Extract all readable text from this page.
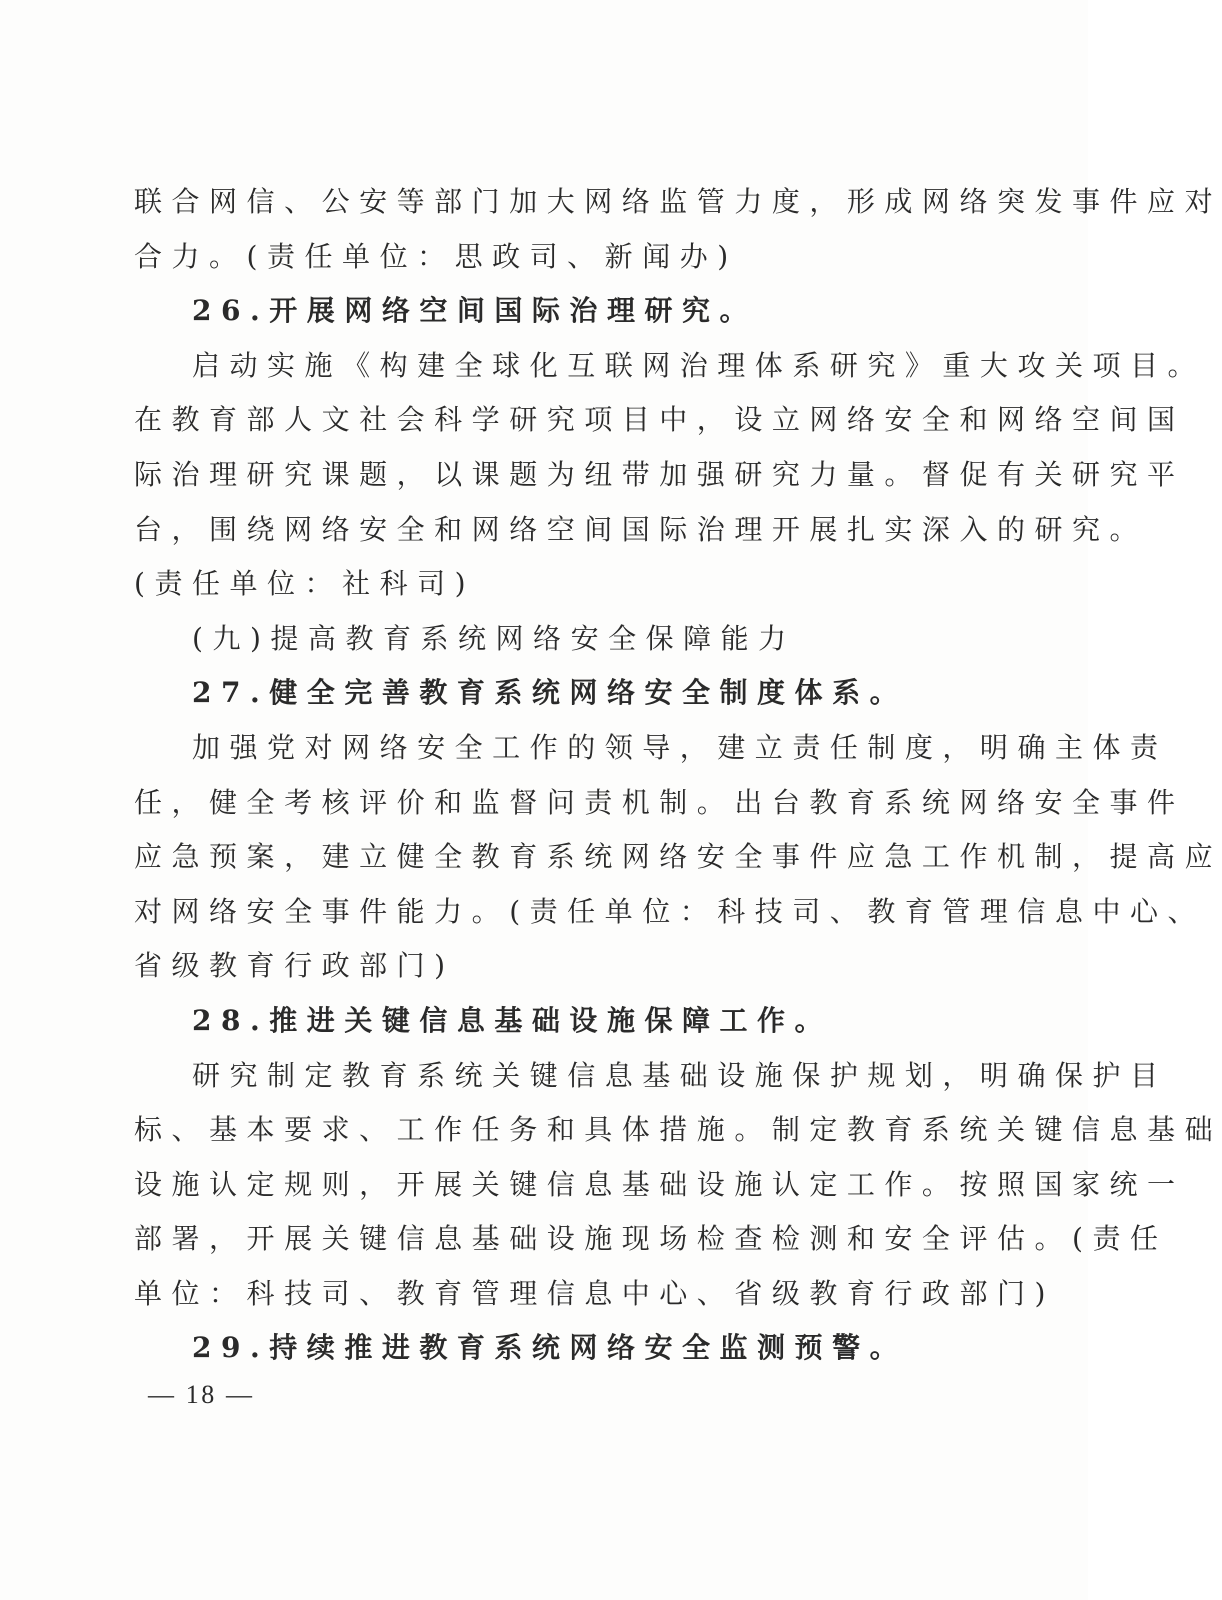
联合网信、公安等部门加大网络监管力度，形成网络突发事件应对
合力。(责任单位：思政司、新闻办)
26.开展网络空间国际治理研究。
启动实施《构建全球化互联网治理体系研究》重大攻关项目。
在教育部人文社会科学研究项目中，设立网络安全和网络空间国
际治理研究课题，以课题为纽带加强研究力量。督促有关研究平
台，围绕网络安全和网络空间国际治理开展扎实深入的研究。
(责任单位：社科司)
(九)提高教育系统网络安全保障能力
27.健全完善教育系统网络安全制度体系。
加强党对网络安全工作的领导，建立责任制度，明确主体责
任，健全考核评价和监督问责机制。出台教育系统网络安全事件
应急预案，建立健全教育系统网络安全事件应急工作机制，提高应
对网络安全事件能力。(责任单位：科技司、教育管理信息中心、
省级教育行政部门)
28.推进关键信息基础设施保障工作。
研究制定教育系统关键信息基础设施保护规划，明确保护目
标、基本要求、工作任务和具体措施。制定教育系统关键信息基础
设施认定规则，开展关键信息基础设施认定工作。按照国家统一
部署，开展关键信息基础设施现场检查检测和安全评估。(责任
单位：科技司、教育管理信息中心、省级教育行政部门)
29.持续推进教育系统网络安全监测预警。
— 18 —
